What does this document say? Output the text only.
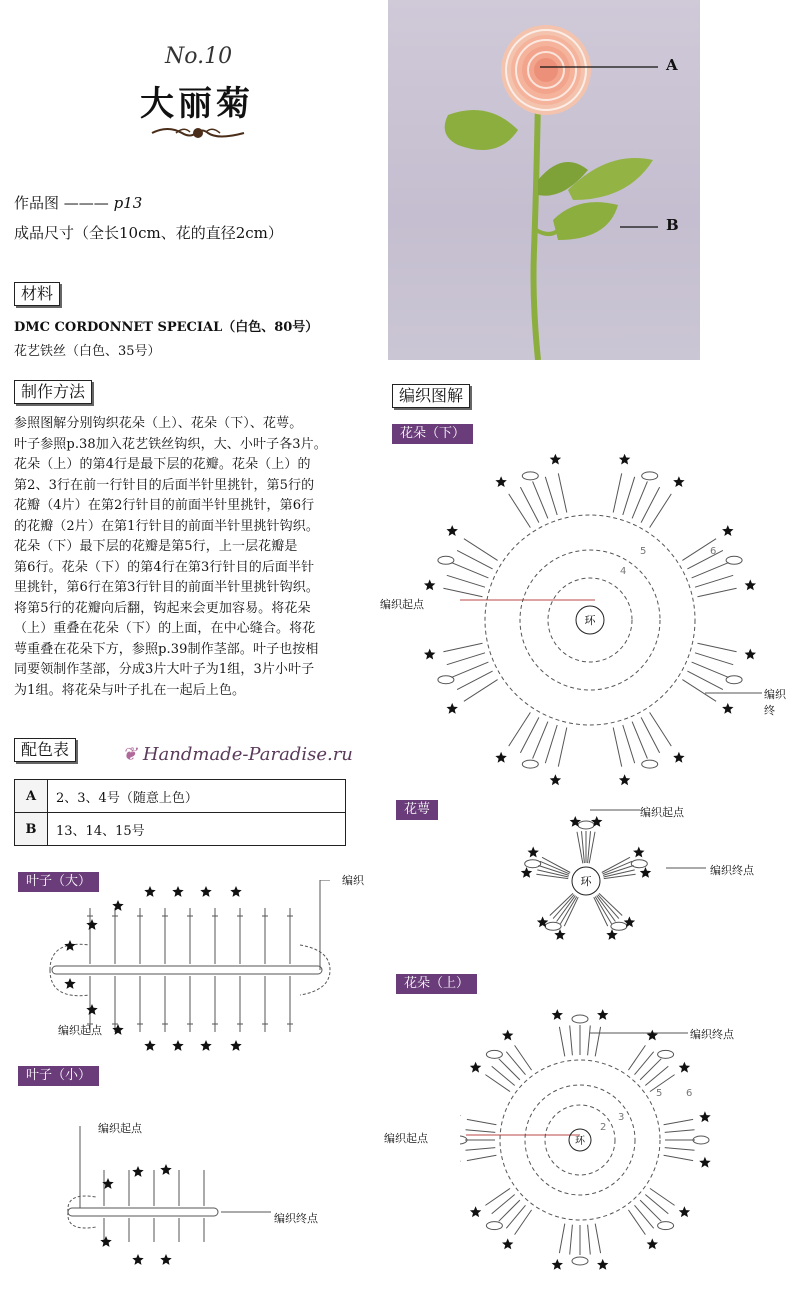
No.10
大丽菊
作品图 ——— p13
成品尺寸（全长10cm、花的直径2cm）
材料
DMC CORDONNET SPECIAL（白色、80号）
花艺铁丝（白色、35号）
制作方法
参照图解分别钩织花朵（上）、花朵（下）、花萼。
叶子参照p.38加入花艺铁丝钩织，大、小叶子各3片。
花朵（上）的第4行是最下层的花瓣。花朵（上）的
第2、3行在前一行针目的后面半针里挑针，第5行的
花瓣（4片）在第2行针目的前面半针里挑针，第6行
的花瓣（2片）在第1行针目的前面半针里挑针钩织。
花朵（下）最下层的花瓣是第5行，上一层花瓣是
第6行。花朵（下）的第4行在第3行针目的后面半针
里挑针，第6行在第3行针目的前面半针里挑针钩织。
将第5行的花瓣向后翻，钩起来会更加容易。将花朵
（上）重叠在花朵（下）的上面，在中心缝合。将花
萼重叠在花朵下方，参照p.39制作茎部。叶子也按相
同要领制作茎部，分成3片大叶子为1组，3片小叶子
为1组。将花朵与叶子扎在一起后上色。
配色表	❦ Handmade-Paradise.ru
A	2、3、4号（随意上色）
B	13、14、15号
叶子（大）	编织
编织起点
叶子（小）
编织起点
编织终点
A
B
编织图解
花朵（下）
编织起点
编织终
环
5	6
4
花萼	编织起点
编织终点
环
花朵（上）
编织终点
编织起点	环
5 6
3
2
